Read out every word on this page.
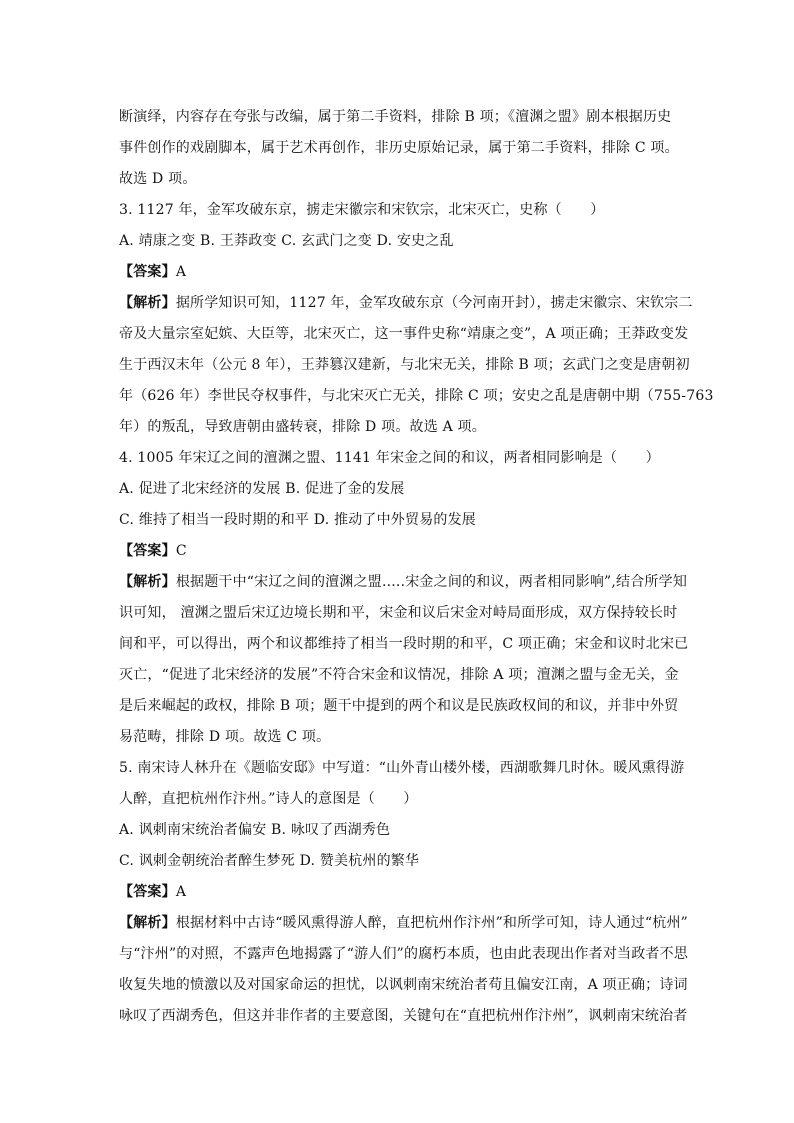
断演绎，内容存在夸张与改编，属于第二手资料，排除 B 项；《澶渊之盟》剧本根据历史
事件创作的戏剧脚本，属于艺术再创作，非历史原始记录，属于第二手资料，排除 C 项。
故选 D 项。
3. 1127 年，金军攻破东京，掳走宋徽宗和宋钦宗，北宋灭亡，史称（　　）
A. 靖康之变 B. 王莽政变 C. 玄武门之变 D. 安史之乱
【答案】A
【解析】据所学知识可知，1127 年，金军攻破东京（今河南开封），掳走宋徽宗、宋钦宗二
帝及大量宗室妃嫔、大臣等，北宋灭亡，这一事件史称“靖康之变”，A 项正确；王莽政变发
生于西汉末年（公元 8 年），王莽篡汉建新，与北宋无关，排除 B 项；玄武门之变是唐朝初
年（626 年）李世民夺权事件，与北宋灭亡无关，排除 C 项；安史之乱是唐朝中期（755-763
年）的叛乱，导致唐朝由盛转衰，排除 D 项。故选 A 项。
4. 1005 年宋辽之间的澶渊之盟、1141 年宋金之间的和议，两者相同影响是（　　）
A. 促进了北宋经济的发展 B. 促进了金的发展
C. 维持了相当一段时期的和平 D. 推动了中外贸易的发展
【答案】C
【解析】根据题干中“宋辽之间的澶渊之盟.....宋金之间的和议，两者相同影响”,结合所学知
识可知， 澶渊之盟后宋辽边境长期和平，宋金和议后宋金对峙局面形成，双方保持较长时
间和平，可以得出，两个和议都维持了相当一段时期的和平，C 项正确；宋金和议时北宋已
灭亡，“促进了北宋经济的发展”不符合宋金和议情况，排除 A 项；澶渊之盟与金无关，金
是后来崛起的政权，排除 B 项；题干中提到的两个和议是民族政权间的和议，并非中外贸
易范畴，排除 D 项。故选 C 项。
5. 南宋诗人林升在《题临安邸》中写道：“山外青山楼外楼，西湖歌舞几时休。暖风熏得游
人醉，直把杭州作汴州。”诗人的意图是（　　）
A. 讽刺南宋统治者偏安 B. 咏叹了西湖秀色
C. 讽刺金朝统治者醉生梦死 D. 赞美杭州的繁华
【答案】A
【解析】根据材料中古诗“暖风熏得游人醉，直把杭州作汴州”和所学可知，诗人通过“杭州”
与“汴州”的对照，不露声色地揭露了“游人们”的腐朽本质，也由此表现出作者对当政者不思
收复失地的愤激以及对国家命运的担忧，以讽刺南宋统治者苟且偏安江南，A 项正确；诗词
咏叹了西湖秀色，但这并非作者的主要意图，关键句在“直把杭州作汴州”，讽刺南宋统治者
